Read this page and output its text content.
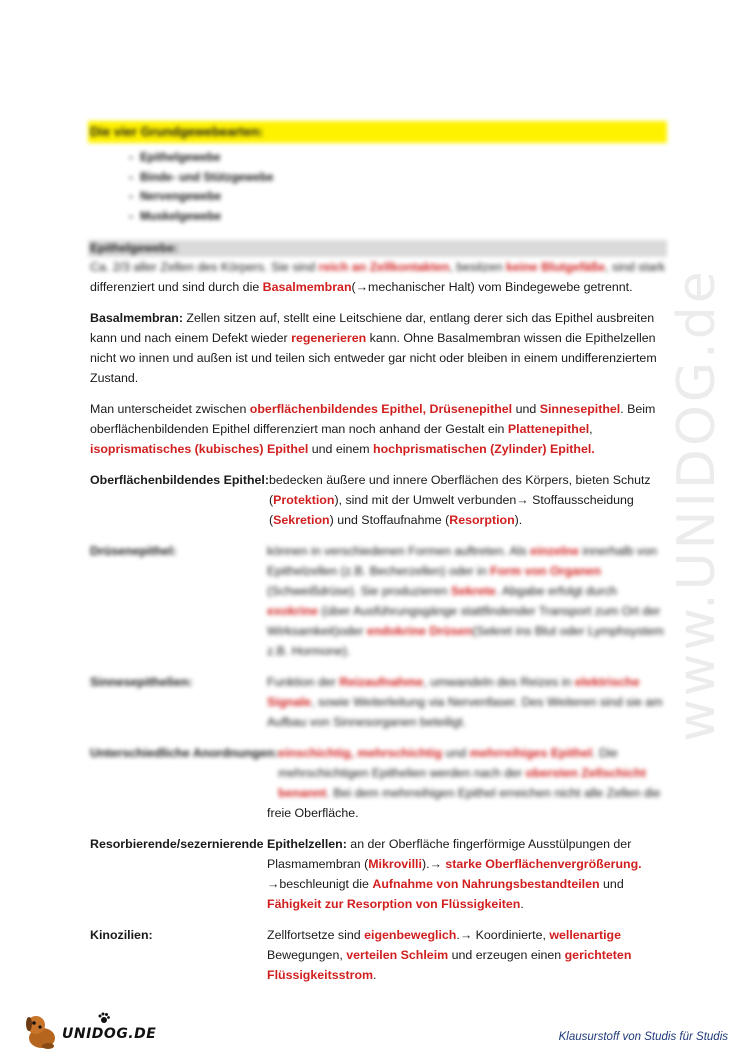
www.UNIDOG.de
Die vier Grundgewebearten:
- Epithelgewebe
- Binde- und Stützgewebe
- Nervengewebe
- Muskelgewebe
Epithelgewebe:

Ca. 2/3 aller Zellen des Körpers. Sie sind reich an Zellkontakten, besitzen keine Blutgefäße, sind stark

differenziert und sind durch die Basalmembran(→mechanischer Halt) vom Bindegewebe getrennt.

Basalmembran: Zellen sitzen auf, stellt eine Leitschiene dar, entlang derer sich das Epithel ausbreiten kann und nach einem Defekt wieder regenerieren kann. Ohne Basalmembran wissen die Epithelzellen nicht wo innen und außen ist und teilen sich entweder gar nicht oder bleiben in einem undifferenziertem Zustand.

Man unterscheidet zwischen oberflächenbildendes Epithel, Drüsenepithel und Sinnesepithel. Beim oberflächenbildenden Epithel differenziert man noch anhand der Gestalt ein Plattenepithel, isoprismatisches (kubisches) Epithel und einem hochprismatischen (Zylinder) Epithel.

Oberflächenbildendes Epithel: bedecken äußere und innere Oberflächen des Körpers, bieten Schutz (Protektion), sind mit der Umwelt verbunden→ Stoffausscheidung (Sekretion) und Stoffaufnahme (Resorption).
Drüsenepithel:	können in verschiedenen Formen auftreten. Als einzelne innerhalb von Epithelzellen (z.B. Becherzellen) oder in Form von Organen (Schweißdrüse). Sie produzieren Sekrete. Abgabe erfolgt durch exokrine (über Ausführungsgänge stattfindender Transport zum Ort der Wirksamkeit)oder endokrine Drüsen(Sekret ins Blut oder Lymphsystem z.B. Hormone).
Sinnesepithelien:	Funktion der Reizaufnahme, umwandeln des Reizes in elektrische Signale, sowie Weiterleitung via Nervenfaser. Des Weiteren sind sie am Aufbau von Sinnesorganen beteiligt.
Unterschiedliche Anordnungen: einschichtig, mehrschichtig und mehrreihiges Epithel. Die mehrschichtigen Epithelien werden nach der obersten Zellschicht benannt. Bei dem mehrreihigen Epithel erreichen nicht alle Zellen die
freie Oberfläche.

Resorbierende/sezernierende Epithelzellen: an der Oberfläche fingerförmige Ausstülpungen der

Plasmamembran (Mikrovilli).→ starke Oberflächenvergrößerung.
→beschleunigt die Aufnahme von Nahrungsbestandteilen und
Fähigkeit zur Resorption von Flüssigkeiten.
Kinozilien:	Zellfortsetze sind eigenbeweglich.→ Koordinierte, wellenartige Bewegungen, verteilen Schleim und erzeugen einen gerichteten Flüssigkeitsstrom.
UNIDOG.DE	Klausurstoff von Studis für Studis
